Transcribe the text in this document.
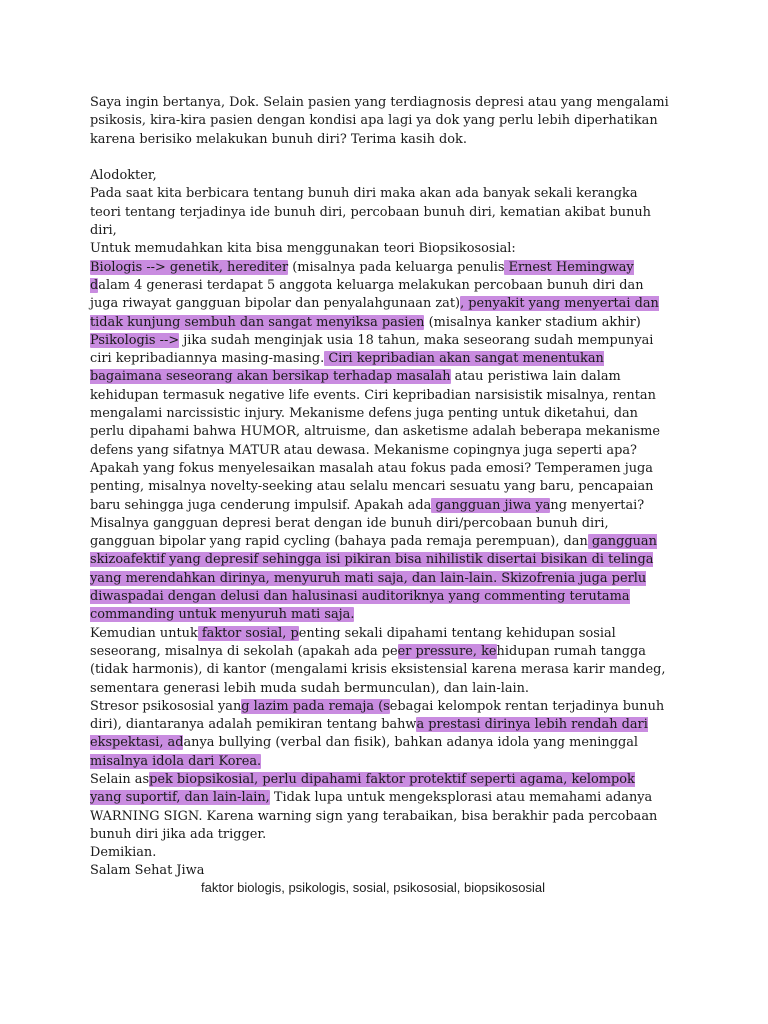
Saya ingin bertanya, Dok. Selain pasien yang terdiagnosis depresi atau yang mengalami psikosis, kira-kira pasien dengan kondisi apa lagi ya dok yang perlu lebih diperhatikan karena berisiko melakukan bunuh diri? Terima kasih dok.

Alodokter,

Pada saat kita berbicara tentang bunuh diri maka akan ada banyak sekali kerangka teori tentang terjadinya ide bunuh diri, percobaan bunuh diri, kematian akibat bunuh diri,

Untuk memudahkan kita bisa menggunakan teori Biopsikososial:

Biologis --> genetik, herediter (misalnya pada keluarga penulis Ernest Hemingway dalam 4 generasi terdapat 5 anggota keluarga melakukan percobaan bunuh diri dan juga riwayat gangguan bipolar dan penyalahgunaan zat), penyakit yang menyertai dan tidak kunjung sembuh dan sangat menyiksa pasien (misalnya kanker stadium akhir)

Psikologis --> jika sudah menginjak usia 18 tahun, maka seseorang sudah mempunyai ciri kepribadiannya masing-masing. Ciri kepribadian akan sangat menentukan bagaimana seseorang akan bersikap terhadap masalah atau peristiwa lain dalam kehidupan termasuk negative life events. Ciri kepribadian narsisistik misalnya, rentan mengalami narcissistic injury. Mekanisme defens juga penting untuk diketahui, dan perlu dipahami bahwa HUMOR, altruisme, dan asketisme adalah beberapa mekanisme defens yang sifatnya MATUR atau dewasa. Mekanisme copingnya juga seperti apa? Apakah yang fokus menyelesaikan masalah atau fokus pada emosi? Temperamen juga penting, misalnya novelty-seeking atau selalu mencari sesuatu yang baru, pencapaian baru sehingga juga cenderung impulsif. Apakah ada gangguan jiwa yang menyertai? Misalnya gangguan depresi berat dengan ide bunuh diri/percobaan bunuh diri, gangguan bipolar yang rapid cycling (bahaya pada remaja perempuan), dan gangguan skizoafektif yang depresif sehingga isi pikiran bisa nihilistik disertai bisikan di telinga yang merendahkan dirinya, menyuruh mati saja, dan lain-lain. Skizofrenia juga perlu diwaspadai dengan delusi dan halusinasi auditoriknya yang commenting terutama commanding untuk menyuruh mati saja.

Kemudian untuk faktor sosial, penting sekali dipahami tentang kehidupan sosial seseorang, misalnya di sekolah (apakah ada peer pressure, kehidupan rumah tangga (tidak harmonis), di kantor (mengalami krisis eksistensial karena merasa karir mandeg, sementara generasi lebih muda sudah bermunculan), dan lain-lain.

Stresor psikososial yang lazim pada remaja (sebagai kelompok rentan terjadinya bunuh diri), diantaranya adalah pemikiran tentang bahwa prestasi dirinya lebih rendah dari ekspektasi, adanya bullying (verbal dan fisik), bahkan adanya idola yang meninggal misalnya idola dari Korea.

Selain aspek biopsikosial, perlu dipahami faktor protektif seperti agama, kelompok yang suportif, dan lain-lain, Tidak lupa untuk mengeksplorasi atau memahami adanya WARNING SIGN. Karena warning sign yang terabaikan, bisa berakhir pada percobaan bunuh diri jika ada trigger.

Demikian.

Salam Sehat Jiwa

faktor biologis, psikologis, sosial, psikososial, biopsikososial
